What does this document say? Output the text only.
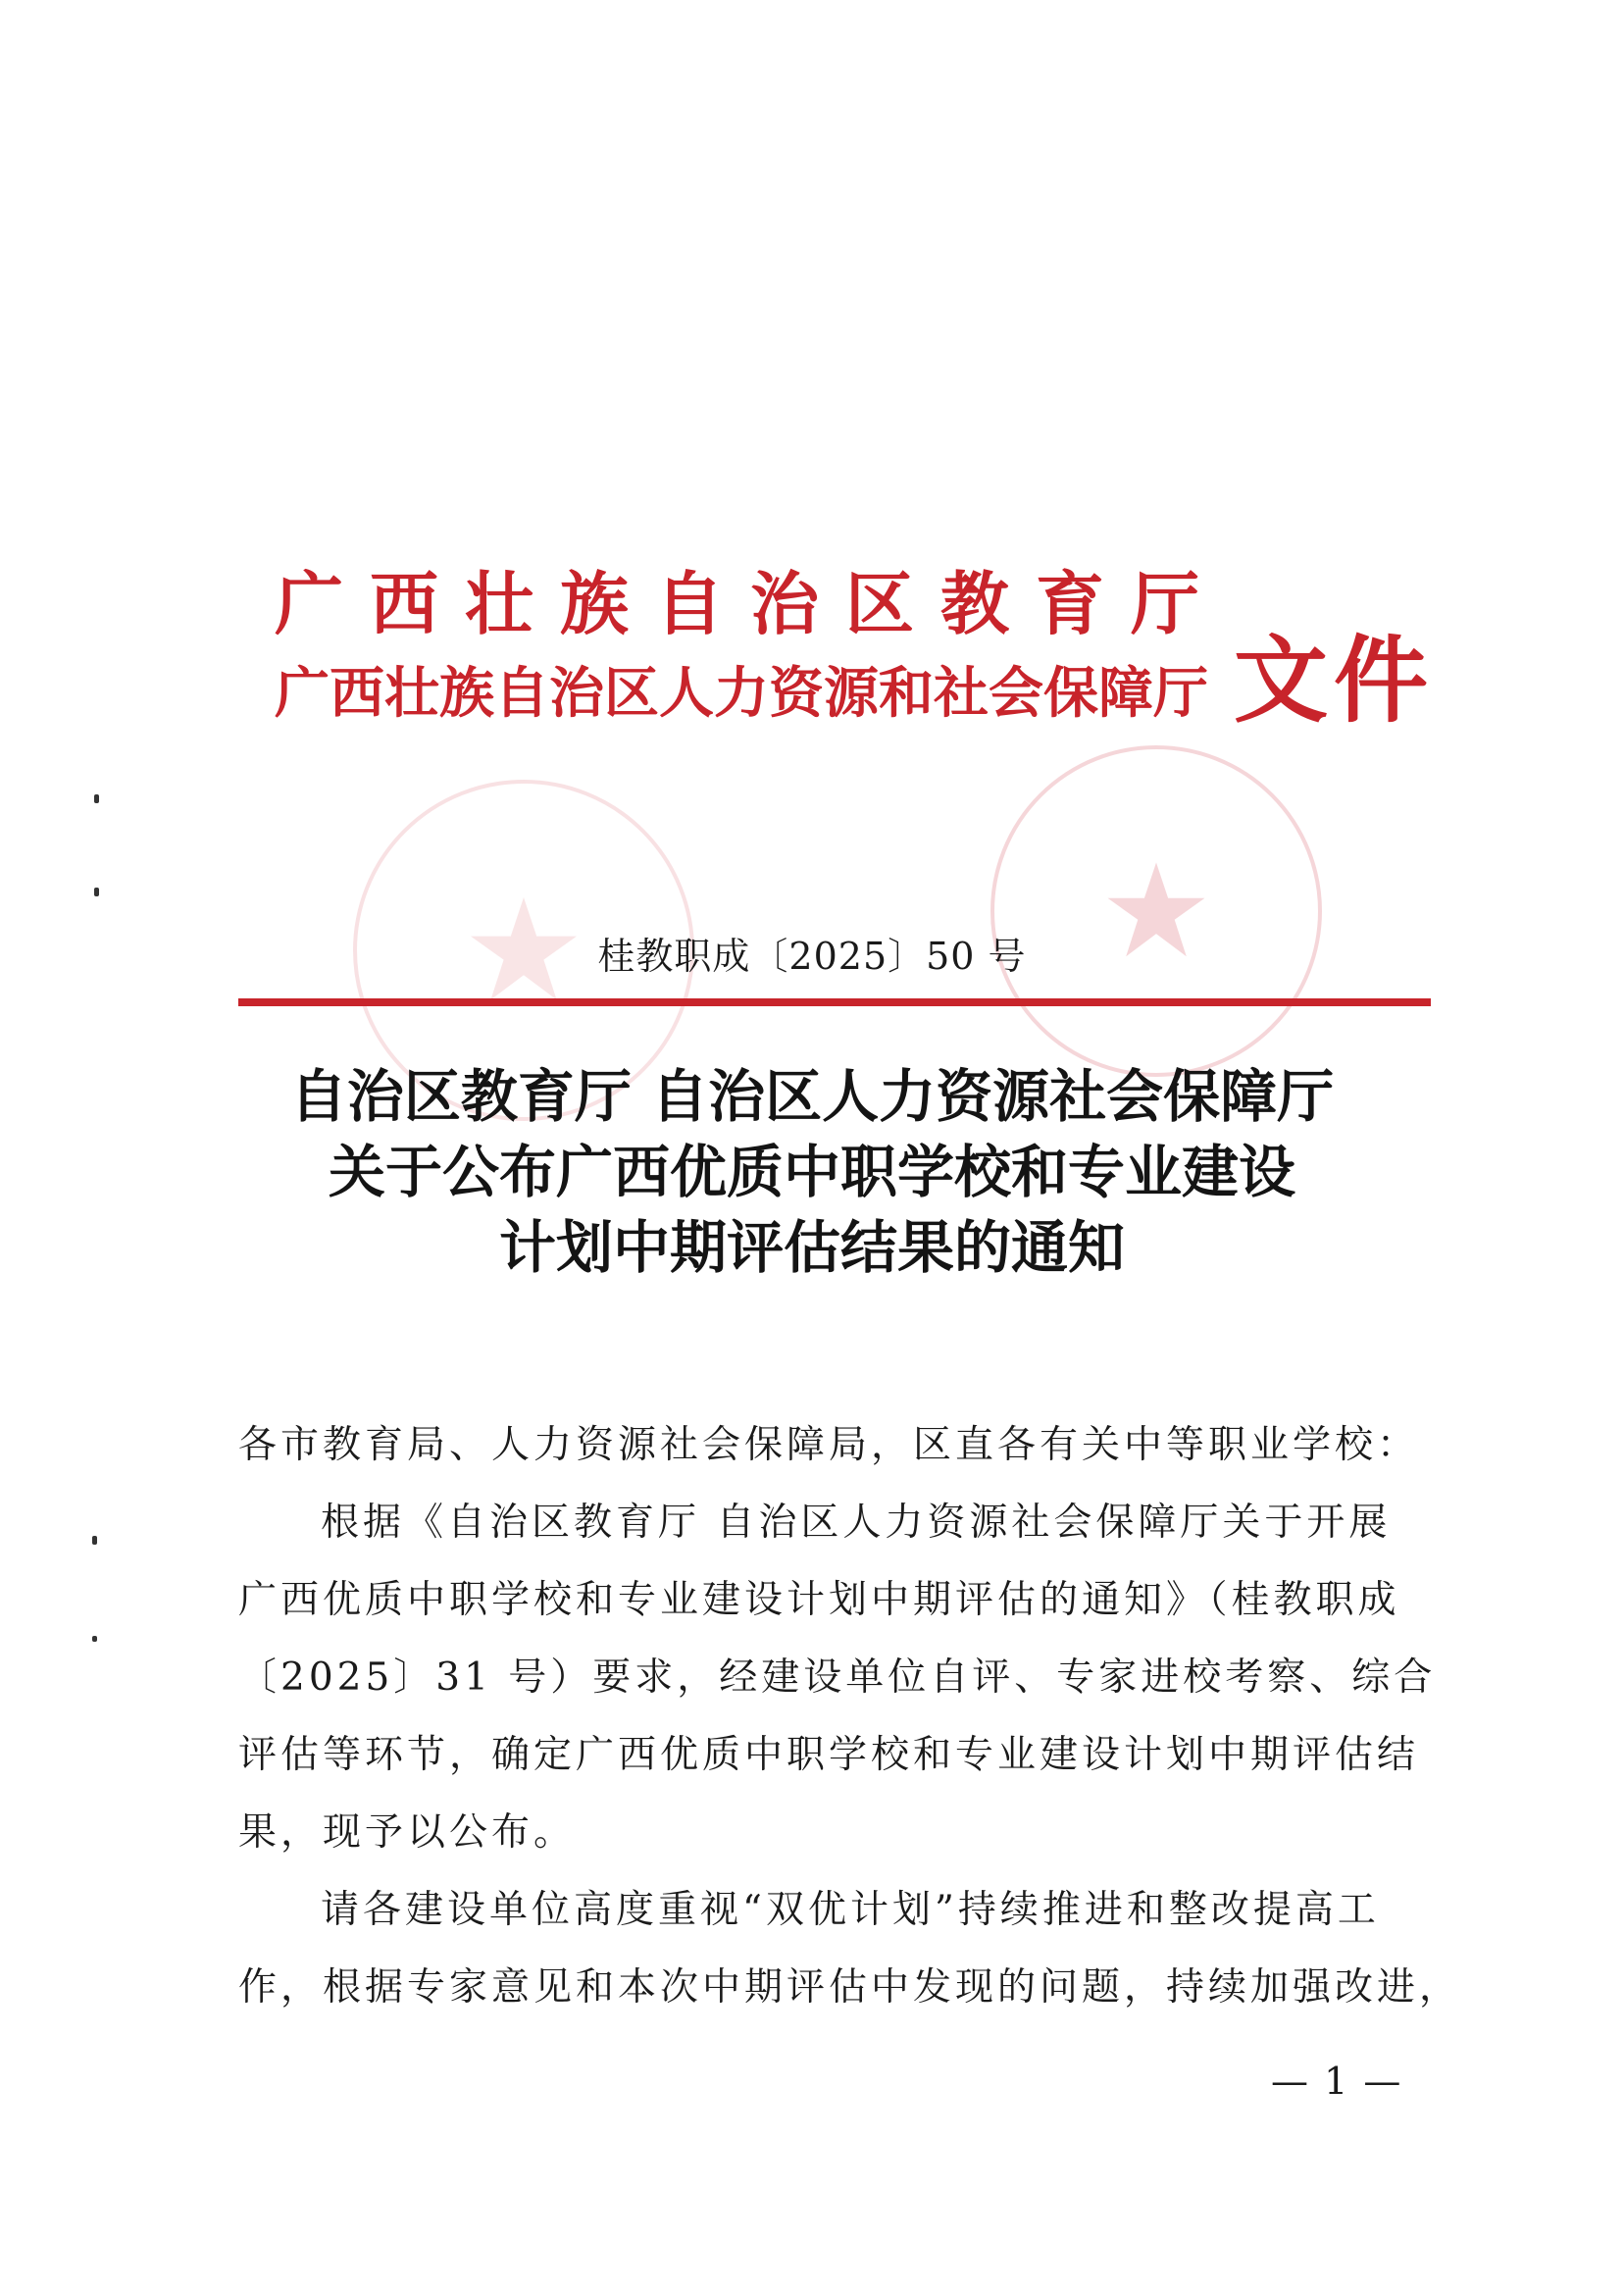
广西壮族自治区教育厅
广西壮族自治区人力资源和社会保障厅 文件
桂教职成〔2025〕50 号
自治区教育厅 自治区人力资源社会保障厅
关于公布广西优质中职学校和专业建设
计划中期评估结果的通知
各市教育局、人力资源社会保障局，区直各有关中等职业学校：
根据《自治区教育厅 自治区人力资源社会保障厅关于开展
广西优质中职学校和专业建设计划中期评估的通知》（桂教职成
〔2025〕31 号）要求，经建设单位自评、专家进校考察、综合
评估等环节，确定广西优质中职学校和专业建设计划中期评估结
果，现予以公布。
请各建设单位高度重视“双优计划”持续推进和整改提高工
作，根据专家意见和本次中期评估中发现的问题，持续加强改进，
— 1 —
